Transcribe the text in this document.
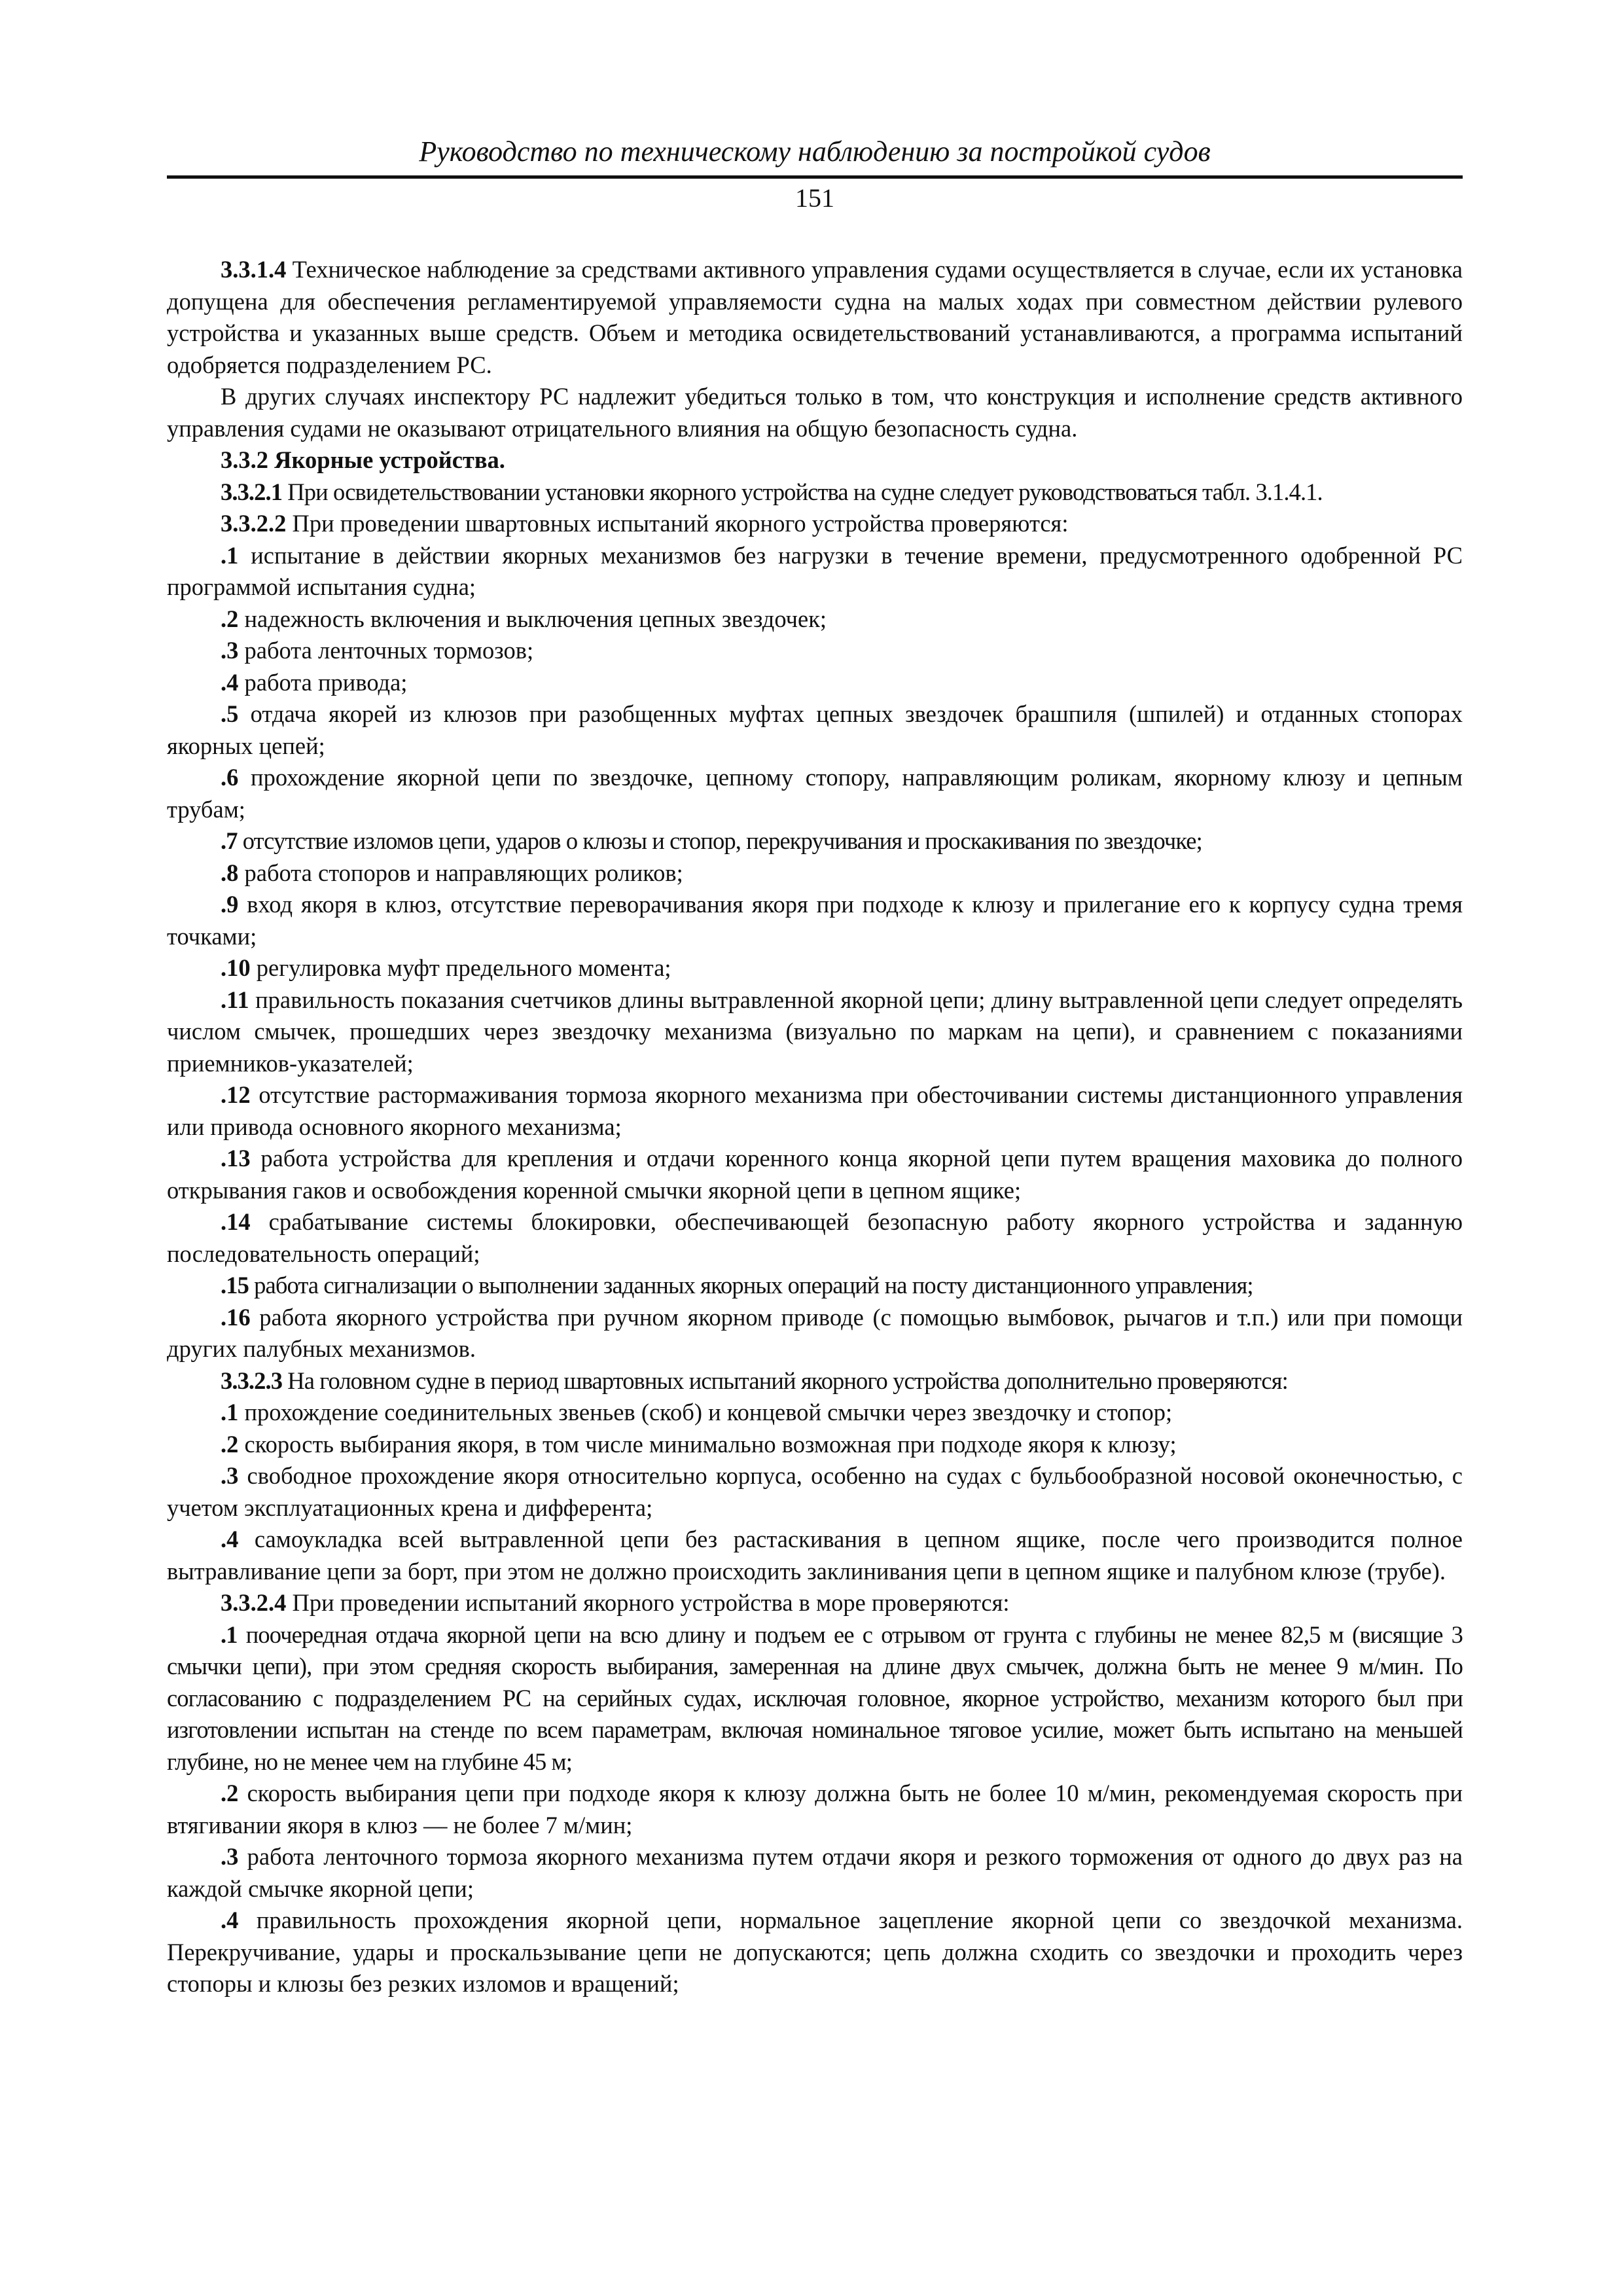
Руководство по техническому наблюдению за постройкой судов
151

3.3.1.4 Техническое наблюдение за средствами активного управления судами осуществляется в случае, если их установка допущена для обеспечения регламентируемой управляемости судна на малых ходах при совместном действии рулевого устройства и указанных выше средств. Объем и методика освидетельствований устанавливаются, а программа испытаний одобряется подразделением РС.

В других случаях инспектору РС надлежит убедиться только в том, что конструкция и исполнение средств активного управления судами не оказывают отрицательного влияния на общую безопасность судна.

3.3.2 Якорные устройства.

3.3.2.1 При освидетельствовании установки якорного устройства на судне следует руководствоваться табл. 3.1.4.1.

3.3.2.2 При проведении швартовных испытаний якорного устройства проверяются:

.1 испытание в действии якорных механизмов без нагрузки в течение времени, предусмотренного одобренной РС программой испытания судна;

.2 надежность включения и выключения цепных звездочек;

.3 работа ленточных тормозов;

.4 работа привода;

.5 отдача якорей из клюзов при разобщенных муфтах цепных звездочек брашпиля (шпилей) и отданных стопорах якорных цепей;

.6 прохождение якорной цепи по звездочке, цепному стопору, направляющим роликам, якорному клюзу и цепным трубам;

.7 отсутствие изломов цепи, ударов о клюзы и стопор, перекручивания и проскакивания по звездочке;

.8 работа стопоров и направляющих роликов;

.9 вход якоря в клюз, отсутствие переворачивания якоря при подходе к клюзу и прилегание его к корпусу судна тремя точками;

.10 регулировка муфт предельного момента;

.11 правильность показания счетчиков длины вытравленной якорной цепи; длину вытравленной цепи следует определять числом смычек, прошедших через звездочку механизма (визуально по маркам на цепи), и сравнением с показаниями приемников-указателей;

.12 отсутствие растормаживания тормоза якорного механизма при обесточивании системы дистанционного управления или привода основного якорного механизма;

.13 работа устройства для крепления и отдачи коренного конца якорной цепи путем вращения маховика до полного открывания гаков и освобождения коренной смычки якорной цепи в цепном ящике;

.14 срабатывание системы блокировки, обеспечивающей безопасную работу якорного устройства и заданную последовательность операций;

.15 работа сигнализации о выполнении заданных якорных операций на посту дистанционного управления;

.16 работа якорного устройства при ручном якорном приводе (с помощью вымбовок, рычагов и т.п.) или при помощи других палубных механизмов.

3.3.2.3 На головном судне в период швартовных испытаний якорного устройства дополнительно проверяются:

.1 прохождение соединительных звеньев (скоб) и концевой смычки через звездочку и стопор;

.2 скорость выбирания якоря, в том числе минимально возможная при подходе якоря к клюзу;

.3 свободное прохождение якоря относительно корпуса, особенно на судах с бульбообразной носовой оконечностью, с учетом эксплуатационных крена и дифферента;

.4 самоукладка всей вытравленной цепи без растаскивания в цепном ящике, после чего производится полное вытравливание цепи за борт, при этом не должно происходить заклинивания цепи в цепном ящике и палубном клюзе (трубе).

3.3.2.4 При проведении испытаний якорного устройства в море проверяются:

.1 поочередная отдача якорной цепи на всю длину и подъем ее с отрывом от грунта с глубины не менее 82,5 м (висящие 3 смычки цепи), при этом средняя скорость выбирания, замеренная на длине двух смычек, должна быть не менее 9 м/мин. По согласованию с подразделением РС на серийных судах, исключая головное, якорное устройство, механизм которого был при изготовлении испытан на стенде по всем параметрам, включая номинальное тяговое усилие, может быть испытано на меньшей глубине, но не менее чем на глубине 45 м;

.2 скорость выбирания цепи при подходе якоря к клюзу должна быть не более 10 м/мин, рекомендуемая скорость при втягивании якоря в клюз — не более 7 м/мин;

.3 работа ленточного тормоза якорного механизма путем отдачи якоря и резкого торможения от одного до двух раз на каждой смычке якорной цепи;

.4 правильность прохождения якорной цепи, нормальное зацепление якорной цепи со звездочкой механизма. Перекручивание, удары и проскальзывание цепи не допускаются; цепь должна сходить со звездочки и проходить через стопоры и клюзы без резких изломов и вращений;
